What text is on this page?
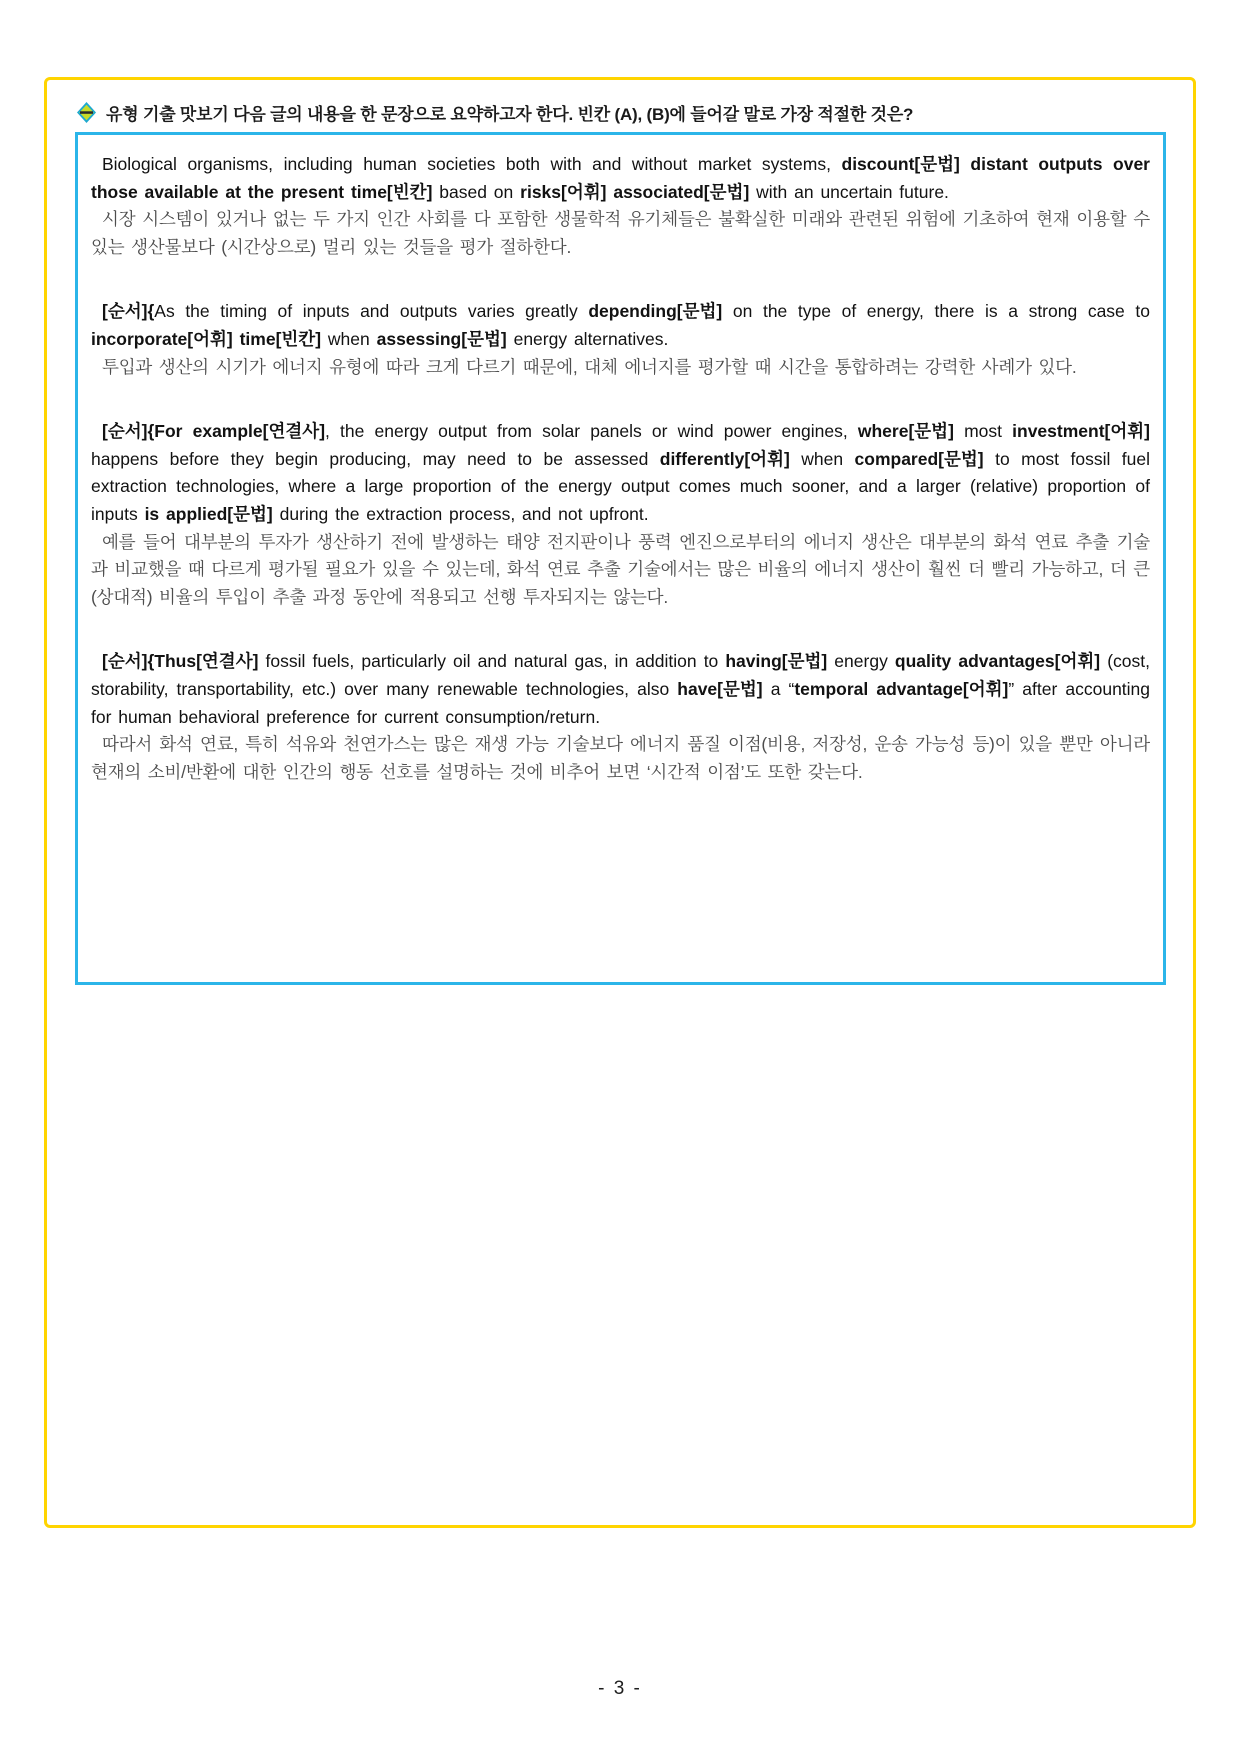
유형 기출 맛보기 다음 글의 내용을 한 문장으로 요약하고자 한다. 빈칸 (A), (B)에 들어갈 말로 가장 적절한 것은?

Biological organisms, including human societies both with and without market systems, discount[문법] distant outputs over those available at the present time[빈칸] based on risks[어휘] associated[문법] with an uncertain future.

시장 시스템이 있거나 없는 두 가지 인간 사회를 다 포함한 생물학적 유기체들은 불확실한 미래와 관련된 위험에 기초하여 현재 이용할 수 있는 생산물보다 (시간상으로) 멀리 있는 것들을 평가 절하한다.

[순서]{As the timing of inputs and outputs varies greatly depending[문법] on the type of energy, there is a strong case to incorporate[어휘] time[빈칸] when assessing[문법] energy alternatives.

투입과 생산의 시기가 에너지 유형에 따라 크게 다르기 때문에, 대체 에너지를 평가할 때 시간을 통합하려는 강력한 사례가 있다.

[순서]{For example[연결사], the energy output from solar panels or wind power engines, where[문법] most investment[어휘] happens before they begin producing, may need to be assessed differently[어휘] when compared[문법] to most fossil fuel extraction technologies, where a large proportion of the energy output comes much sooner, and a larger (relative) proportion of inputs is applied[문법] during the extraction process, and not upfront.

예를 들어 대부분의 투자가 생산하기 전에 발생하는 태양 전지판이나 풍력 엔진으로부터의 에너지 생산은 대부분의 화석 연료 추출 기술과 비교했을 때 다르게 평가될 필요가 있을 수 있는데, 화석 연료 추출 기술에서는 많은 비율의 에너지 생산이 훨씬 더 빨리 가능하고, 더 큰 (상대적) 비율의 투입이 추출 과정 동안에 적용되고 선행 투자되지는 않는다.

[순서]{Thus[연결사] fossil fuels, particularly oil and natural gas, in addition to having[문법] energy quality advantages[어휘] (cost, storability, transportability, etc.) over many renewable technologies, also have[문법] a “temporal advantage[어휘]” after accounting for human behavioral preference for current consumption/return.

따라서 화석 연료, 특히 석유와 천연가스는 많은 재생 가능 기술보다 에너지 품질 이점(비용, 저장성, 운송 가능성 등)이 있을 뿐만 아니라 현재의 소비/반환에 대한 인간의 행동 선호를 설명하는 것에 비추어 보면 ‘시간적 이점’도 또한 갖는다.

- 3 -
